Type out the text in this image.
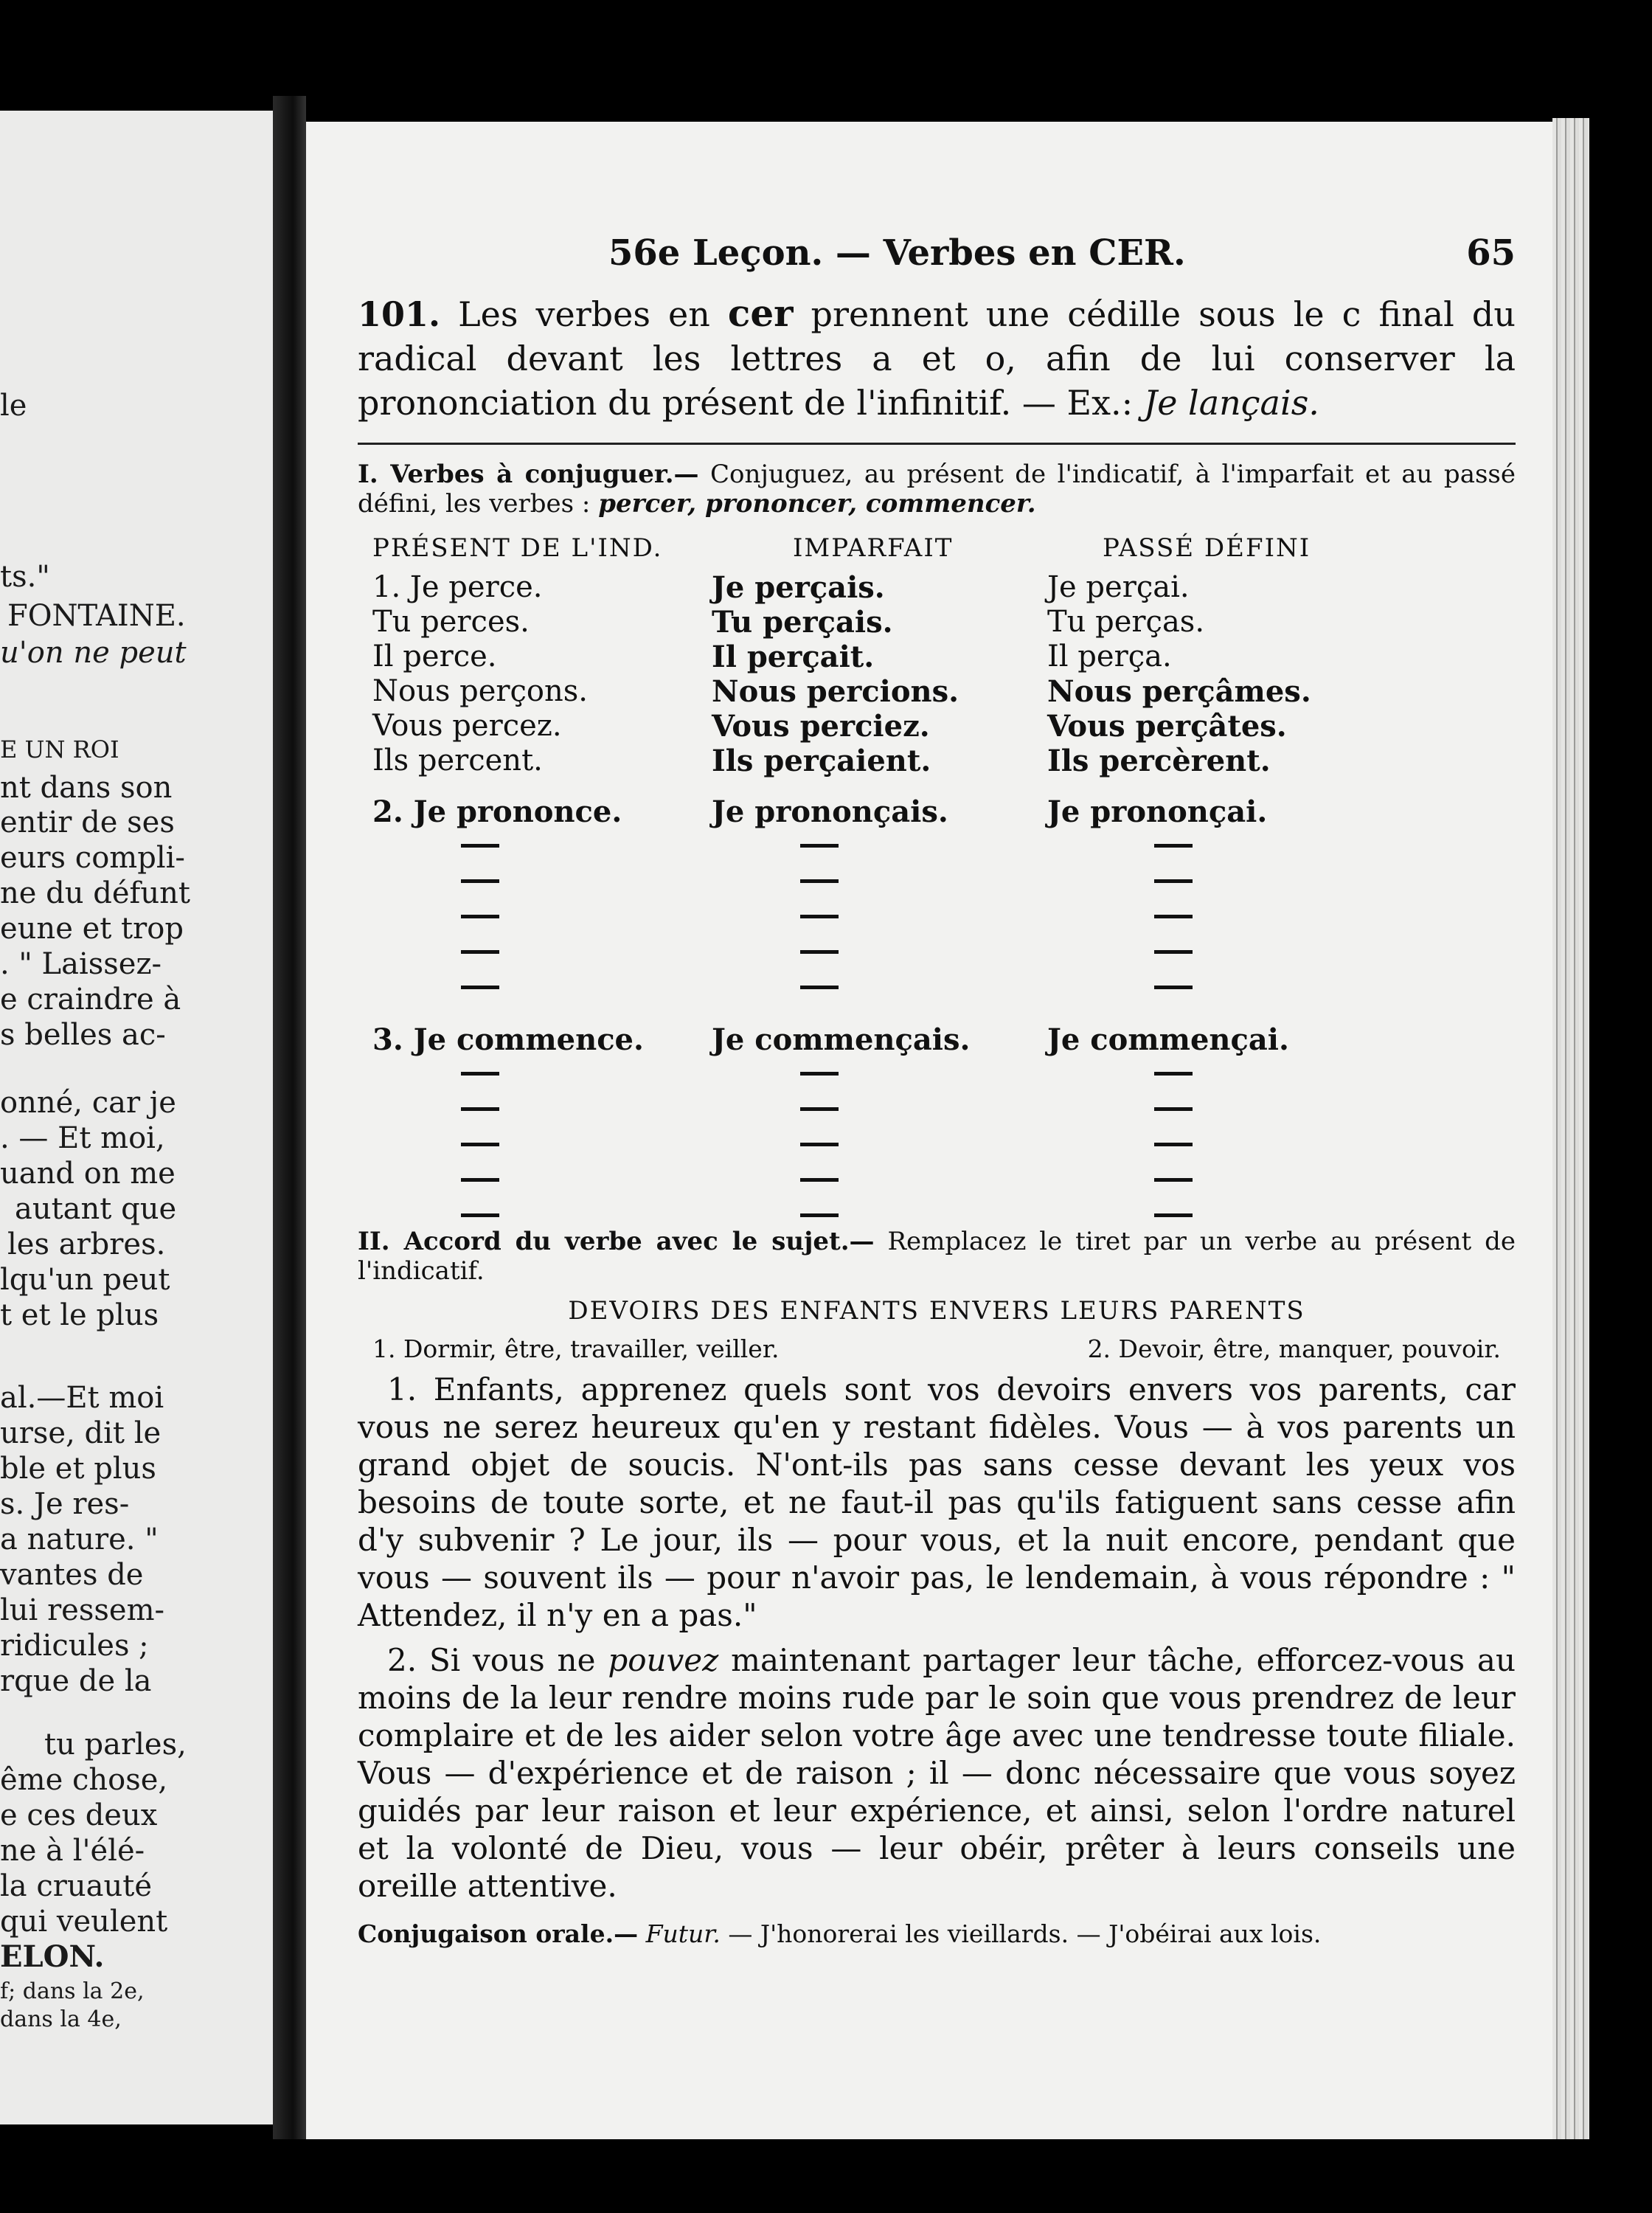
le
ts."
FONTAINE.
u'on ne peut
E UN ROI
nt dans son
entir de ses
eurs compli-
ne du défunt
eune et trop
. " Laissez-
e craindre à
s belles ac-
onné, car je
. — Et moi,
uand on me
autant que
les arbres.
lqu'un peut
t et le plus
al.—Et moi
urse, dit le
ble et plus
s. Je res-
a nature. "
vantes de
lui ressem-
ridicules ;
rque de la
tu parles,
ême chose,
e ces deux
ne à l'élé-
la cruauté
qui veulent
ELON.
f; dans la 2e,
dans la 4e,
56e Leçon. — Verbes en CER.	65
101. Les verbes en cer prennent une cédille sous le c final du radical devant les lettres a et o, afin de lui conserver la prononciation du présent de l'infinitif. — Ex.: Je lançais.
I. Verbes à conjuguer.— Conjuguez, au présent de l'indicatif, à l'imparfait et au passé défini, les verbes : percer, prononcer, commencer.
PRÉSENT DE L'IND.
1. Je perce.
Tu perces.
Il perce.
Nous perçons.
Vous percez.
Ils percent.
2. Je prononce.
3. Je commence.
IMPARFAIT
Je perçais.
Tu perçais.
Il perçait.
Nous percions.
Vous perciez.
Ils perçaient.
Je prononçais.
Je commençais.
PASSÉ DÉFINI
Je perçai.
Tu perças.
Il perça.
Nous perçâmes.
Vous perçâtes.
Ils percèrent.
Je prononçai.
Je commençai.
II. Accord du verbe avec le sujet.— Remplacez le tiret par un verbe au présent de l'indicatif.
DEVOIRS DES ENFANTS ENVERS LEURS PARENTS
1. Dormir, être, travailler, veiller.	2. Devoir, être, manquer, pouvoir.
1. Enfants, apprenez quels sont vos devoirs envers vos parents, car vous ne serez heureux qu'en y restant fidèles. Vous — à vos parents un grand objet de soucis. N'ont-ils pas sans cesse devant les yeux vos besoins de toute sorte, et ne faut-il pas qu'ils fatiguent sans cesse afin d'y subvenir ? Le jour, ils — pour vous, et la nuit encore, pendant que vous — souvent ils — pour n'avoir pas, le lendemain, à vous répondre : " Attendez, il n'y en a pas."
2. Si vous ne pouvez maintenant partager leur tâche, efforcez-vous au moins de la leur rendre moins rude par le soin que vous prendrez de leur complaire et de les aider selon votre âge avec une tendresse toute filiale. Vous — d'expérience et de raison ; il — donc nécessaire que vous soyez guidés par leur raison et leur expérience, et ainsi, selon l'ordre naturel et la volonté de Dieu, vous — leur obéir, prêter à leurs conseils une oreille attentive.
Conjugaison orale.— Futur. — J'honorerai les vieillards. — J'obéirai aux lois.
